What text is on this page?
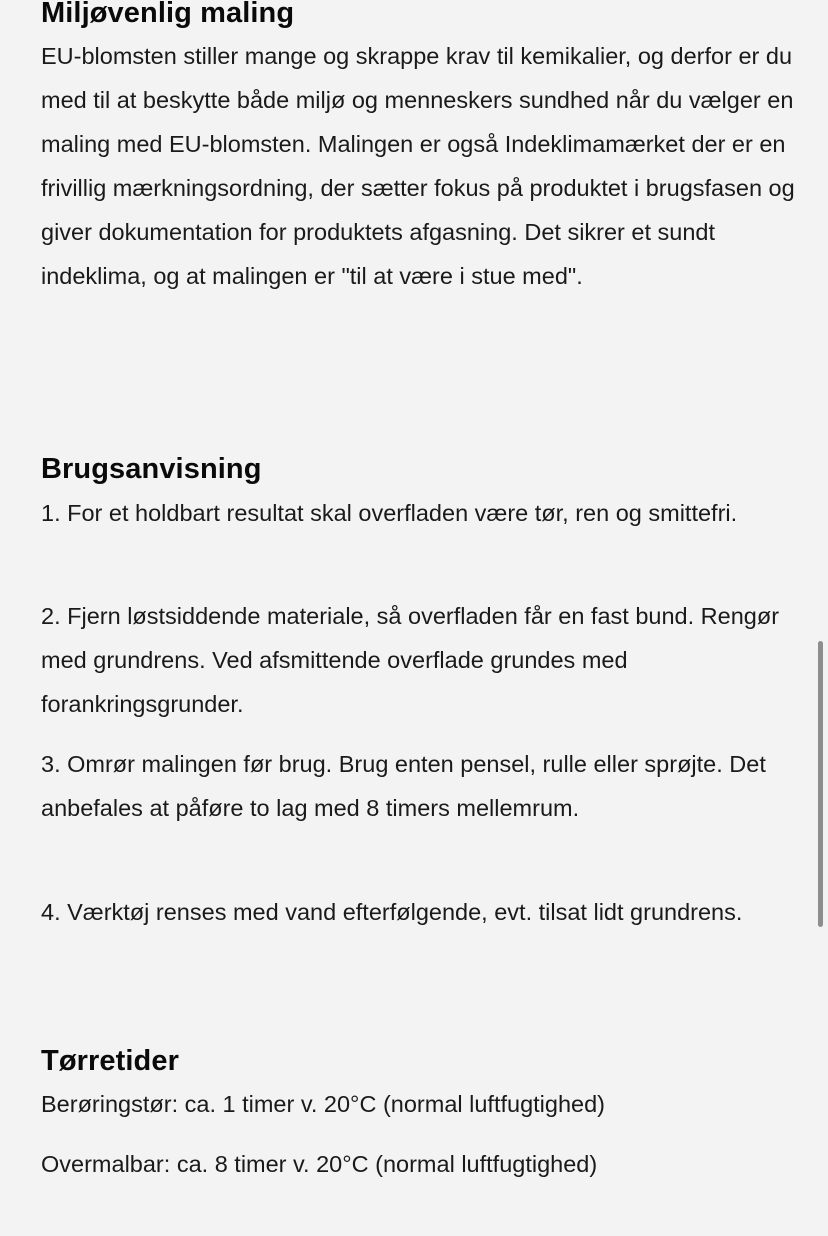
Miljøvenlig maling

EU-blomsten stiller mange og skrappe krav til kemikalier, og derfor er du med til at beskytte både miljø og menneskers sundhed når du vælger en maling med EU-blomsten. Malingen er også Indeklimamærket der er en frivillig mærkningsordning, der sætter fokus på produktet i brugsfasen og giver dokumentation for produktets afgasning. Det sikrer et sundt indeklima, og at malingen er "til at være i stue med".

Brugsanvisning

1. For et holdbart resultat skal overfladen være tør, ren og smittefri.

2. Fjern løstsiddende materiale, så overfladen får en fast bund. Rengør med grundrens. Ved afsmittende overflade grundes med forankringsgrunder.

3. Omrør malingen før brug. Brug enten pensel, rulle eller sprøjte. Det anbefales at påføre to lag med 8 timers mellemrum.

4. Værktøj renses med vand efterfølgende, evt. tilsat lidt grundrens.

Tørretider

Berøringstør: ca. 1 timer v. 20°C (normal luftfugtighed)

Overmalbar: ca. 8 timer v. 20°C (normal luftfugtighed)
